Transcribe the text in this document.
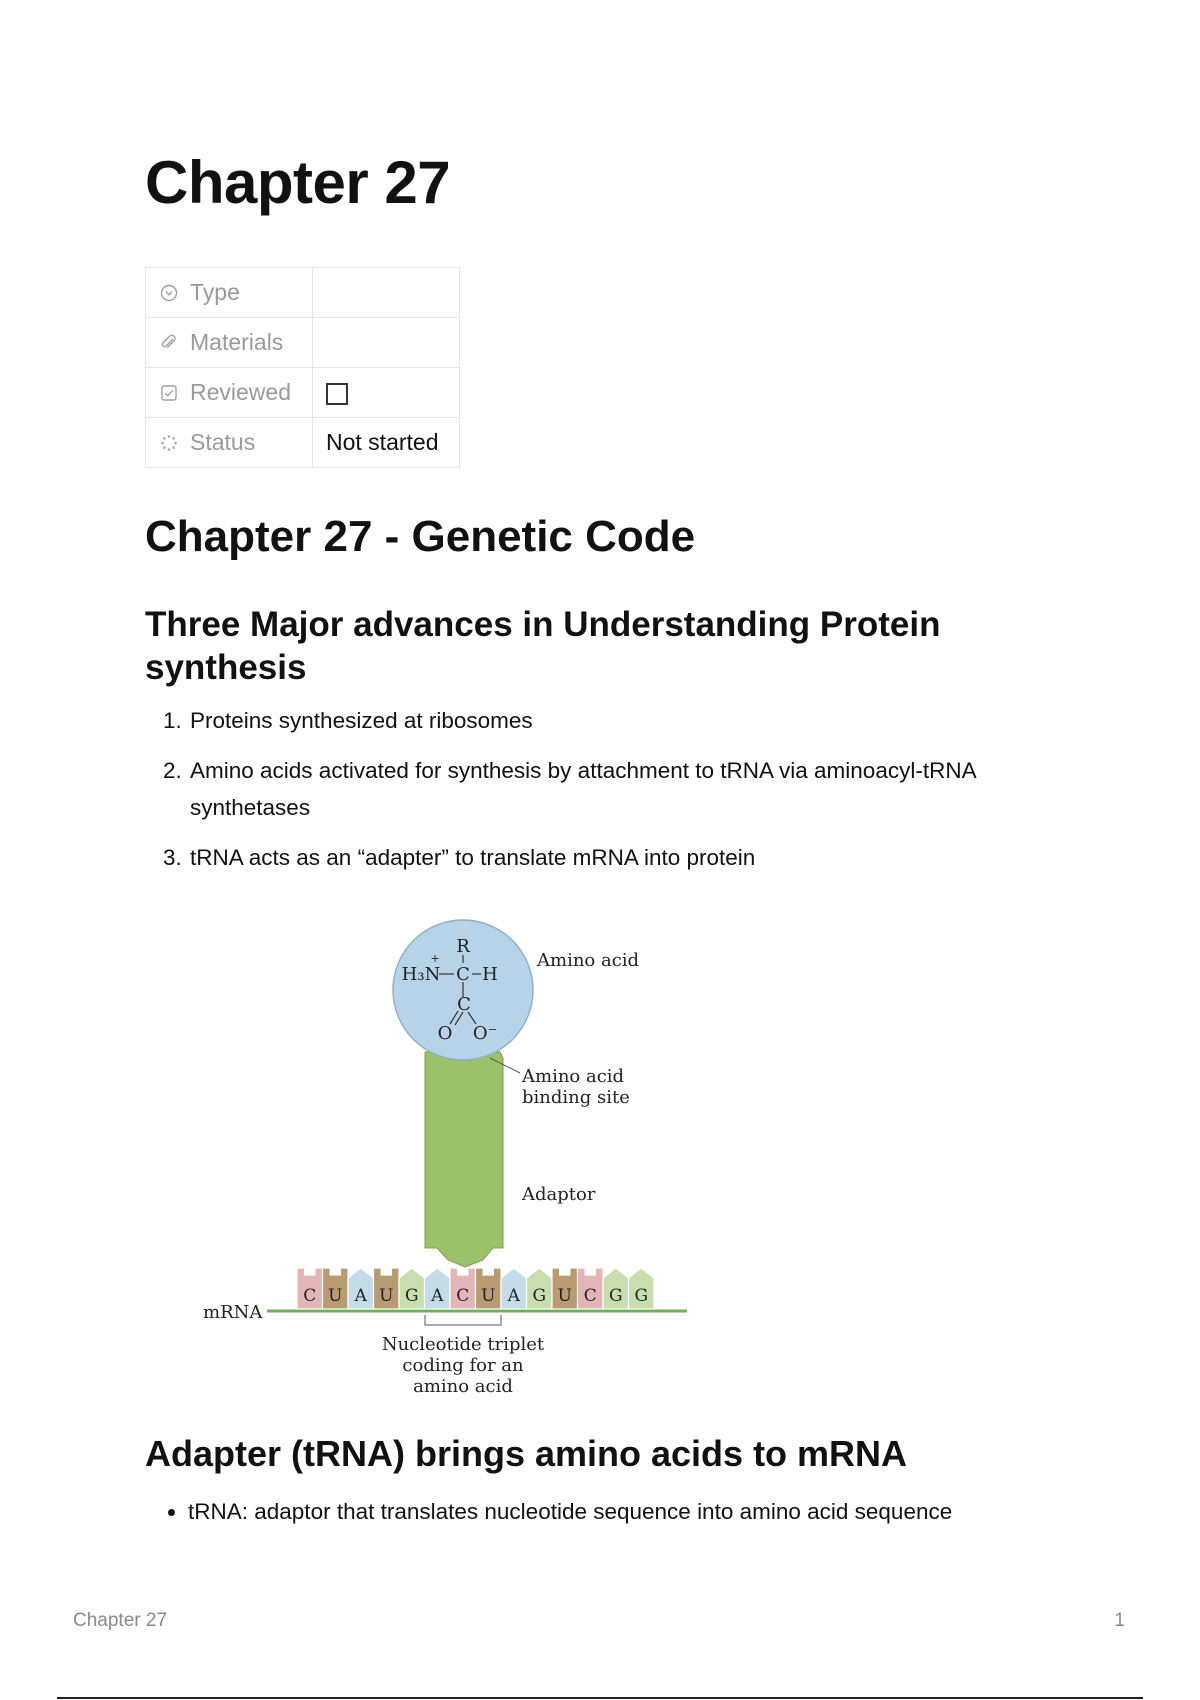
Chapter 27
Type	

Materials	

Reviewed	

Status	Not started
Chapter 27 - Genetic Code
Three Major advances in Understanding Protein synthesis
1. Proteins synthesized at ribosomes
2. Amino acids activated for synthesis by attachment to tRNA via aminoacyl-tRNA synthetases
3. tRNA acts as an “adapter” to translate mRNA into protein
R
+
H₃N C H
C
O O⁻
Amino acid
Amino acid
binding site
Adaptor
mRNA
C U A U G A C U A G U C G G
Nucleotide triplet
coding for an
amino acid
Adapter (tRNA) brings amino acids to mRNA
• tRNA: adaptor that translates nucleotide sequence into amino acid sequence
Chapter 27	1
